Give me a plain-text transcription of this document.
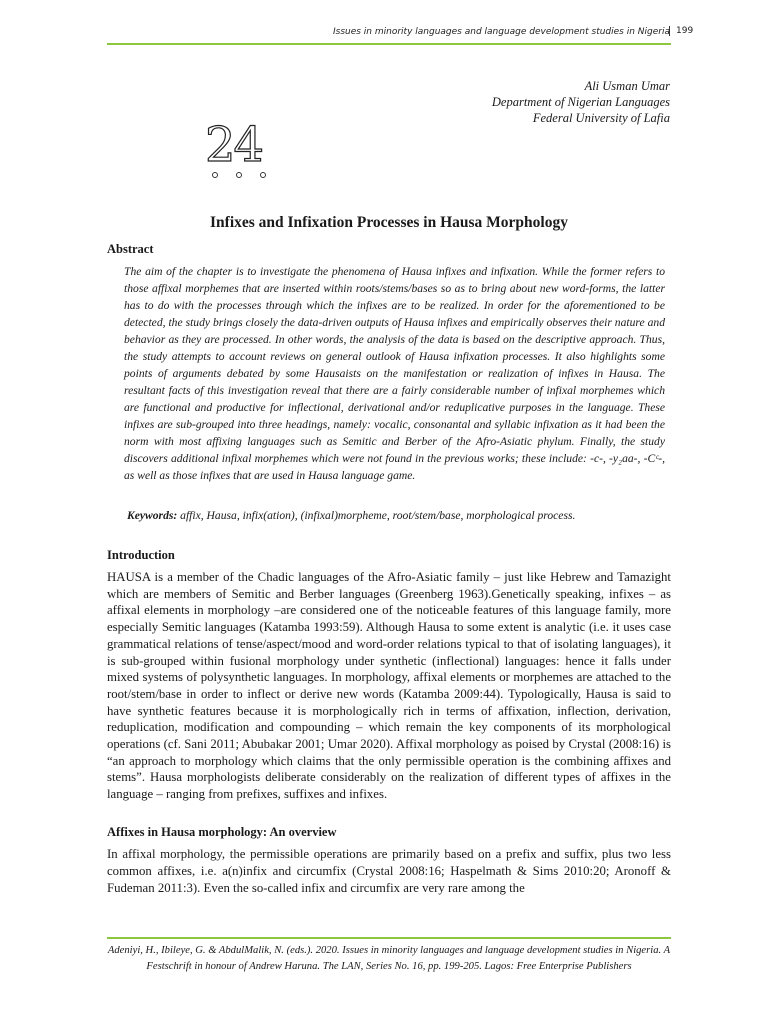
Issues in minority languages and language development studies in Nigeria 199
Ali Usman Umar
Department of Nigerian Languages
Federal University of Lafia
24
Infixes and Infixation Processes in Hausa Morphology
Abstract

The aim of the chapter is to investigate the phenomena of Hausa infixes and infixation. While the former refers to those affixal morphemes that are inserted within roots/stems/bases so as to bring about new word-forms, the latter has to do with the processes through which the infixes are to be realized. In order for the aforementioned to be detected, the study brings closely the data-driven outputs of Hausa infixes and empirically observes their nature and behavior as they are processed. In other words, the analysis of the data is based on the descriptive approach. Thus, the study attempts to account reviews on general outlook of Hausa infixation processes. It also highlights some points of arguments debated by some Hausaists on the manifestation or realization of infixes in Hausa. The resultant facts of this investigation reveal that there are a fairly considerable number of infixal morphemes which are functional and productive for inflectional, derivational and/or reduplicative purposes in the language. These infixes are sub-grouped into three headings, namely: vocalic, consonantal and syllabic infixation as it had been the norm with most affixing languages such as Semitic and Berber of the Afro-Asiatic phylum. Finally, the study discovers additional infixal morphemes which were not found in the previous works; these include: -c-, -y₂aa-, -Cᶜ-, as well as those infixes that are used in Hausa language game.

Keywords: affix, Hausa, infix(ation), (infixal)morpheme, root/stem/base, morphological process.
Introduction

HAUSA is a member of the Chadic languages of the Afro-Asiatic family – just like Hebrew and Tamazight which are members of Semitic and Berber languages (Greenberg 1963).Genetically speaking, infixes – as affixal elements in morphology –are considered one of the noticeable features of this language family, more especially Semitic languages (Katamba 1993:59). Although Hausa to some extent is analytic (i.e. it uses case grammatical relations of tense/aspect/mood and word-order relations typical to that of isolating languages), it is sub-grouped within fusional morphology under synthetic (inflectional) languages: hence it falls under mixed systems of polysynthetic languages. In morphology, affixal elements or morphemes are attached to the root/stem/base in order to inflect or derive new words (Katamba 2009:44). Typologically, Hausa is said to have synthetic features because it is morphologically rich in terms of affixation, inflection, derivation, reduplication, modification and compounding – which remain the key components of its morphological operations (cf. Sani 2011; Abubakar 2001; Umar 2020). Affixal morphology as poised by Crystal (2008:16) is “an approach to morphology which claims that the only permissible operation is the combining affixes and stems”. Hausa morphologists deliberate considerably on the realization of different types of affixes in the language – ranging from prefixes, suffixes and infixes.

Affixes in Hausa morphology: An overview

In affixal morphology, the permissible operations are primarily based on a prefix and suffix, plus two less common affixes, i.e. a(n)infix and circumfix (Crystal 2008:16; Haspelmath & Sims 2010:20; Aronoff & Fudeman 2011:3). Even the so-called infix and circumfix are very rare among the

Adeniyi, H., Ibileye, G. & AbdulMalik, N. (eds.). 2020. Issues in minority languages and language development studies in Nigeria. A Festschrift in honour of Andrew Haruna. The LAN, Series No. 16, pp. 199-205. Lagos: Free Enterprise Publishers
